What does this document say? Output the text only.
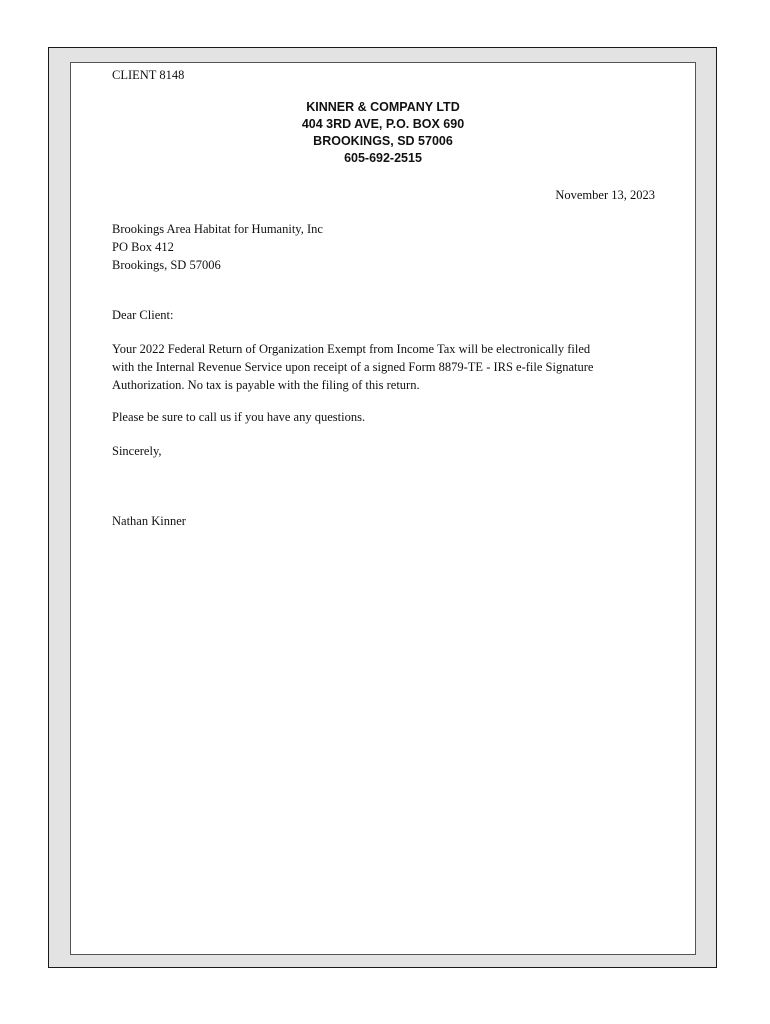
CLIENT 8148
KINNER & COMPANY LTD
404 3RD AVE, P.O. BOX 690
BROOKINGS, SD 57006
605-692-2515
November 13, 2023
Brookings Area Habitat for Humanity, Inc
PO Box 412
Brookings, SD 57006
Dear Client:
Your 2022 Federal Return of Organization Exempt from Income Tax will be electronically filed
with the Internal Revenue Service upon receipt of a signed Form 8879-TE - IRS e-file Signature
Authorization. No tax is payable with the filing of this return.
Please be sure to call us if you have any questions.
Sincerely,
Nathan Kinner
